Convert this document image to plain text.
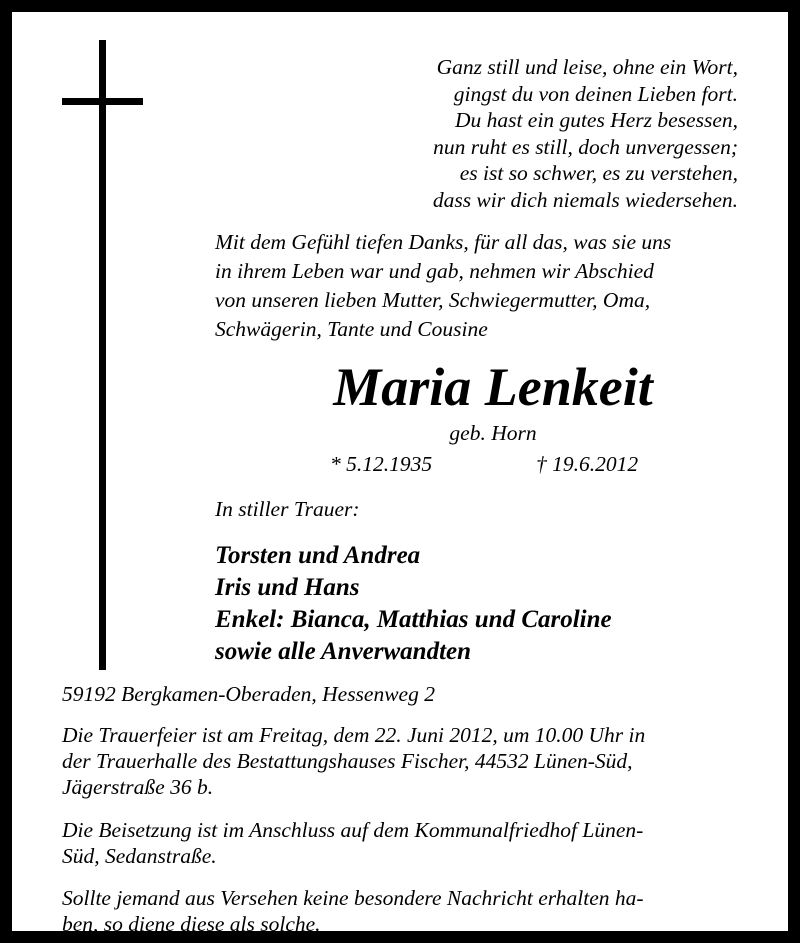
Ganz still und leise, ohne ein Wort,
gingst du von deinen Lieben fort.
Du hast ein gutes Herz besessen,
nun ruht es still, doch unvergessen;
es ist so schwer, es zu verstehen,
dass wir dich niemals wiedersehen.
Mit dem Gefühl tiefen Danks, für all das, was sie uns
in ihrem Leben war und gab, nehmen wir Abschied
von unseren lieben Mutter, Schwiegermutter, Oma,
Schwägerin, Tante und Cousine
Maria Lenkeit
geb. Horn
* 5.12.1935	† 19.6.2012
In stiller Trauer:
Torsten und Andrea
Iris und Hans
Enkel: Bianca, Matthias und Caroline
sowie alle Anverwandten
59192 Bergkamen-Oberaden, Hessenweg 2
Die Trauerfeier ist am Freitag, dem 22. Juni 2012, um 10.00 Uhr in
der Trauerhalle des Bestattungshauses Fischer, 44532 Lünen-Süd,
Jägerstraße 36 b.
Die Beisetzung ist im Anschluss auf dem Kommunalfriedhof Lünen-
Süd, Sedanstraße.
Sollte jemand aus Versehen keine besondere Nachricht erhalten ha-
ben, so diene diese als solche.
